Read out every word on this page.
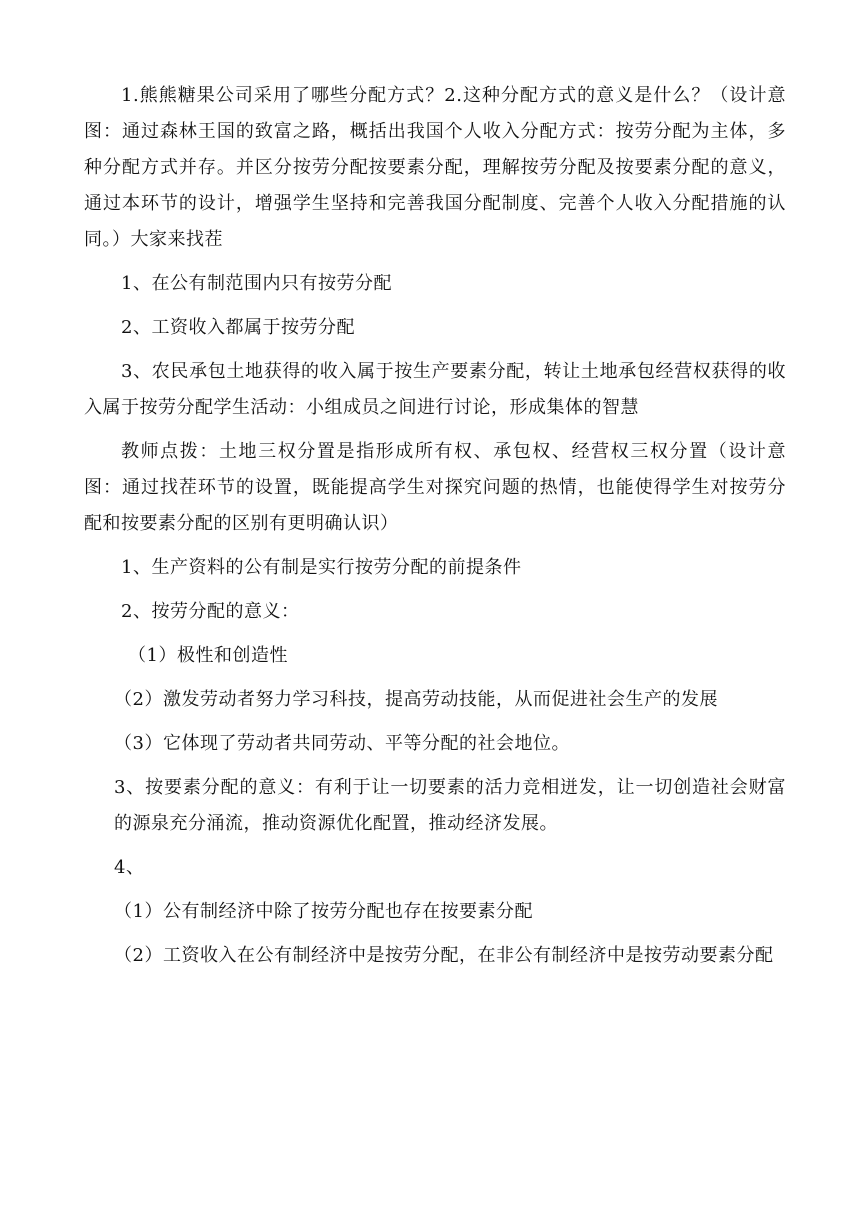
1.熊熊糖果公司采用了哪些分配方式？2.这种分配方式的意义是什么？（设计意图：通过森林王国的致富之路，概括出我国个人收入分配方式：按劳分配为主体，多种分配方式并存。并区分按劳分配按要素分配，理解按劳分配及按要素分配的意义，通过本环节的设计，增强学生坚持和完善我国分配制度、完善个人收入分配措施的认同。）大家来找茬

1、在公有制范围内只有按劳分配

2、工资收入都属于按劳分配

3、农民承包土地获得的收入属于按生产要素分配，转让土地承包经营权获得的收入属于按劳分配学生活动：小组成员之间进行讨论，形成集体的智慧

教师点拨：土地三权分置是指形成所有权、承包权、经营权三权分置（设计意图：通过找茬环节的设置，既能提高学生对探究问题的热情，也能使得学生对按劳分配和按要素分配的区别有更明确认识）

1、生产资料的公有制是实行按劳分配的前提条件

2、按劳分配的意义：

（1）极性和创造性

（2）激发劳动者努力学习科技，提高劳动技能，从而促进社会生产的发展

（3）它体现了劳动者共同劳动、平等分配的社会地位。

3、按要素分配的意义：有利于让一切要素的活力竞相迸发，让一切创造社会财富的源泉充分涌流，推动资源优化配置，推动经济发展。

4、

（1）公有制经济中除了按劳分配也存在按要素分配

（2）工资收入在公有制经济中是按劳分配，在非公有制经济中是按劳动要素分配
